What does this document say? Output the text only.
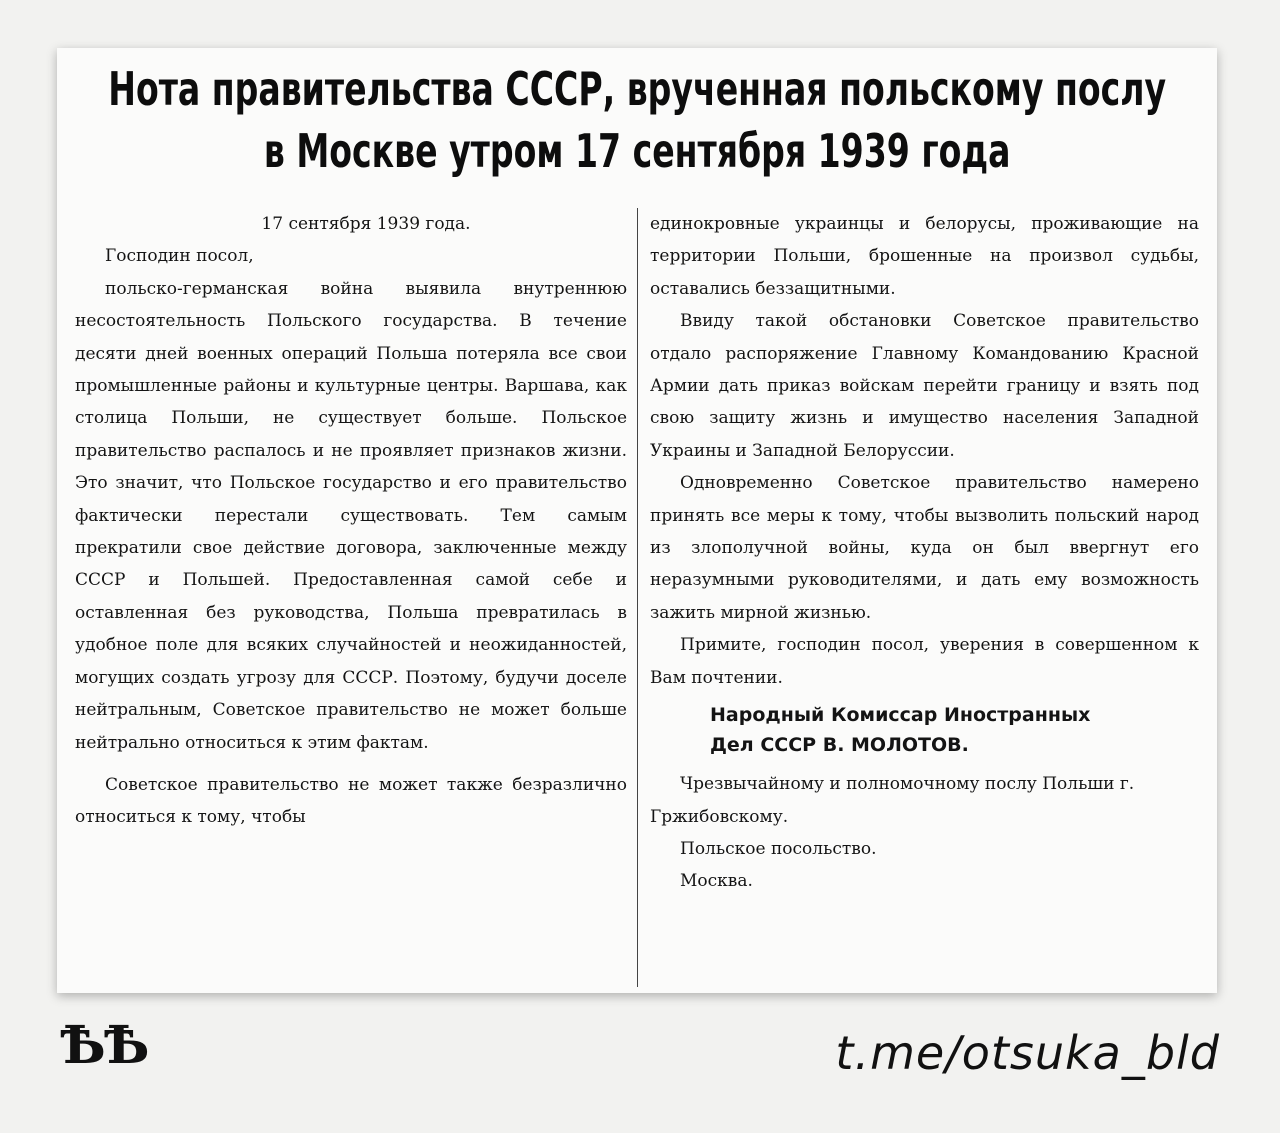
Нота правительства СССР, врученная польскому послу
в Москве утром 17 сентября 1939 года

17 сентября 1939 года.

Господин посол,

польско-германская война выявила внутреннюю несостоятельность Польского государства. В течение десяти дней военных операций Польша потеряла все свои промышленные районы и культурные центры. Варшава, как столица Польши, не существует больше. Польское правительство распалось и не проявляет признаков жизни. Это значит, что Польское государство и его правительство фактически перестали существовать. Тем самым прекратили свое действие договора, заключенные между СССР и Польшей. Предоставленная самой себе и оставленная без руководства, Польша превратилась в удобное поле для всяких случайностей и неожиданностей, могущих создать угрозу для СССР. Поэтому, будучи доселе нейтральным, Советское правительство не может больше нейтрально относиться к этим фактам.

Советское правительство не может также безразлично относиться к тому, чтобы

единокровные украинцы и белорусы, проживающие на территории Польши, брошенные на произвол судьбы, оставались беззащитными.

Ввиду такой обстановки Советское правительство отдало распоряжение Главному Командованию Красной Армии дать приказ войскам перейти границу и взять под свою защиту жизнь и имущество населения Западной Украины и Западной Белоруссии.

Одновременно Советское правительство намерено принять все меры к тому, чтобы вызволить польский народ из злополучной войны, куда он был ввергнут его неразумными руководителями, и дать ему возможность зажить мирной жизнью.

Примите, господин посол, уверения в совершенном к Вам почтении.

Народный Комиссар Иностранных
Дел СССР В. МОЛОТОВ.

Чрезвычайному и полномочному послу Польши г. Гржибовскому.

Польское посольство.

Москва.

ѢѢ	t.me/otsuka_bld
